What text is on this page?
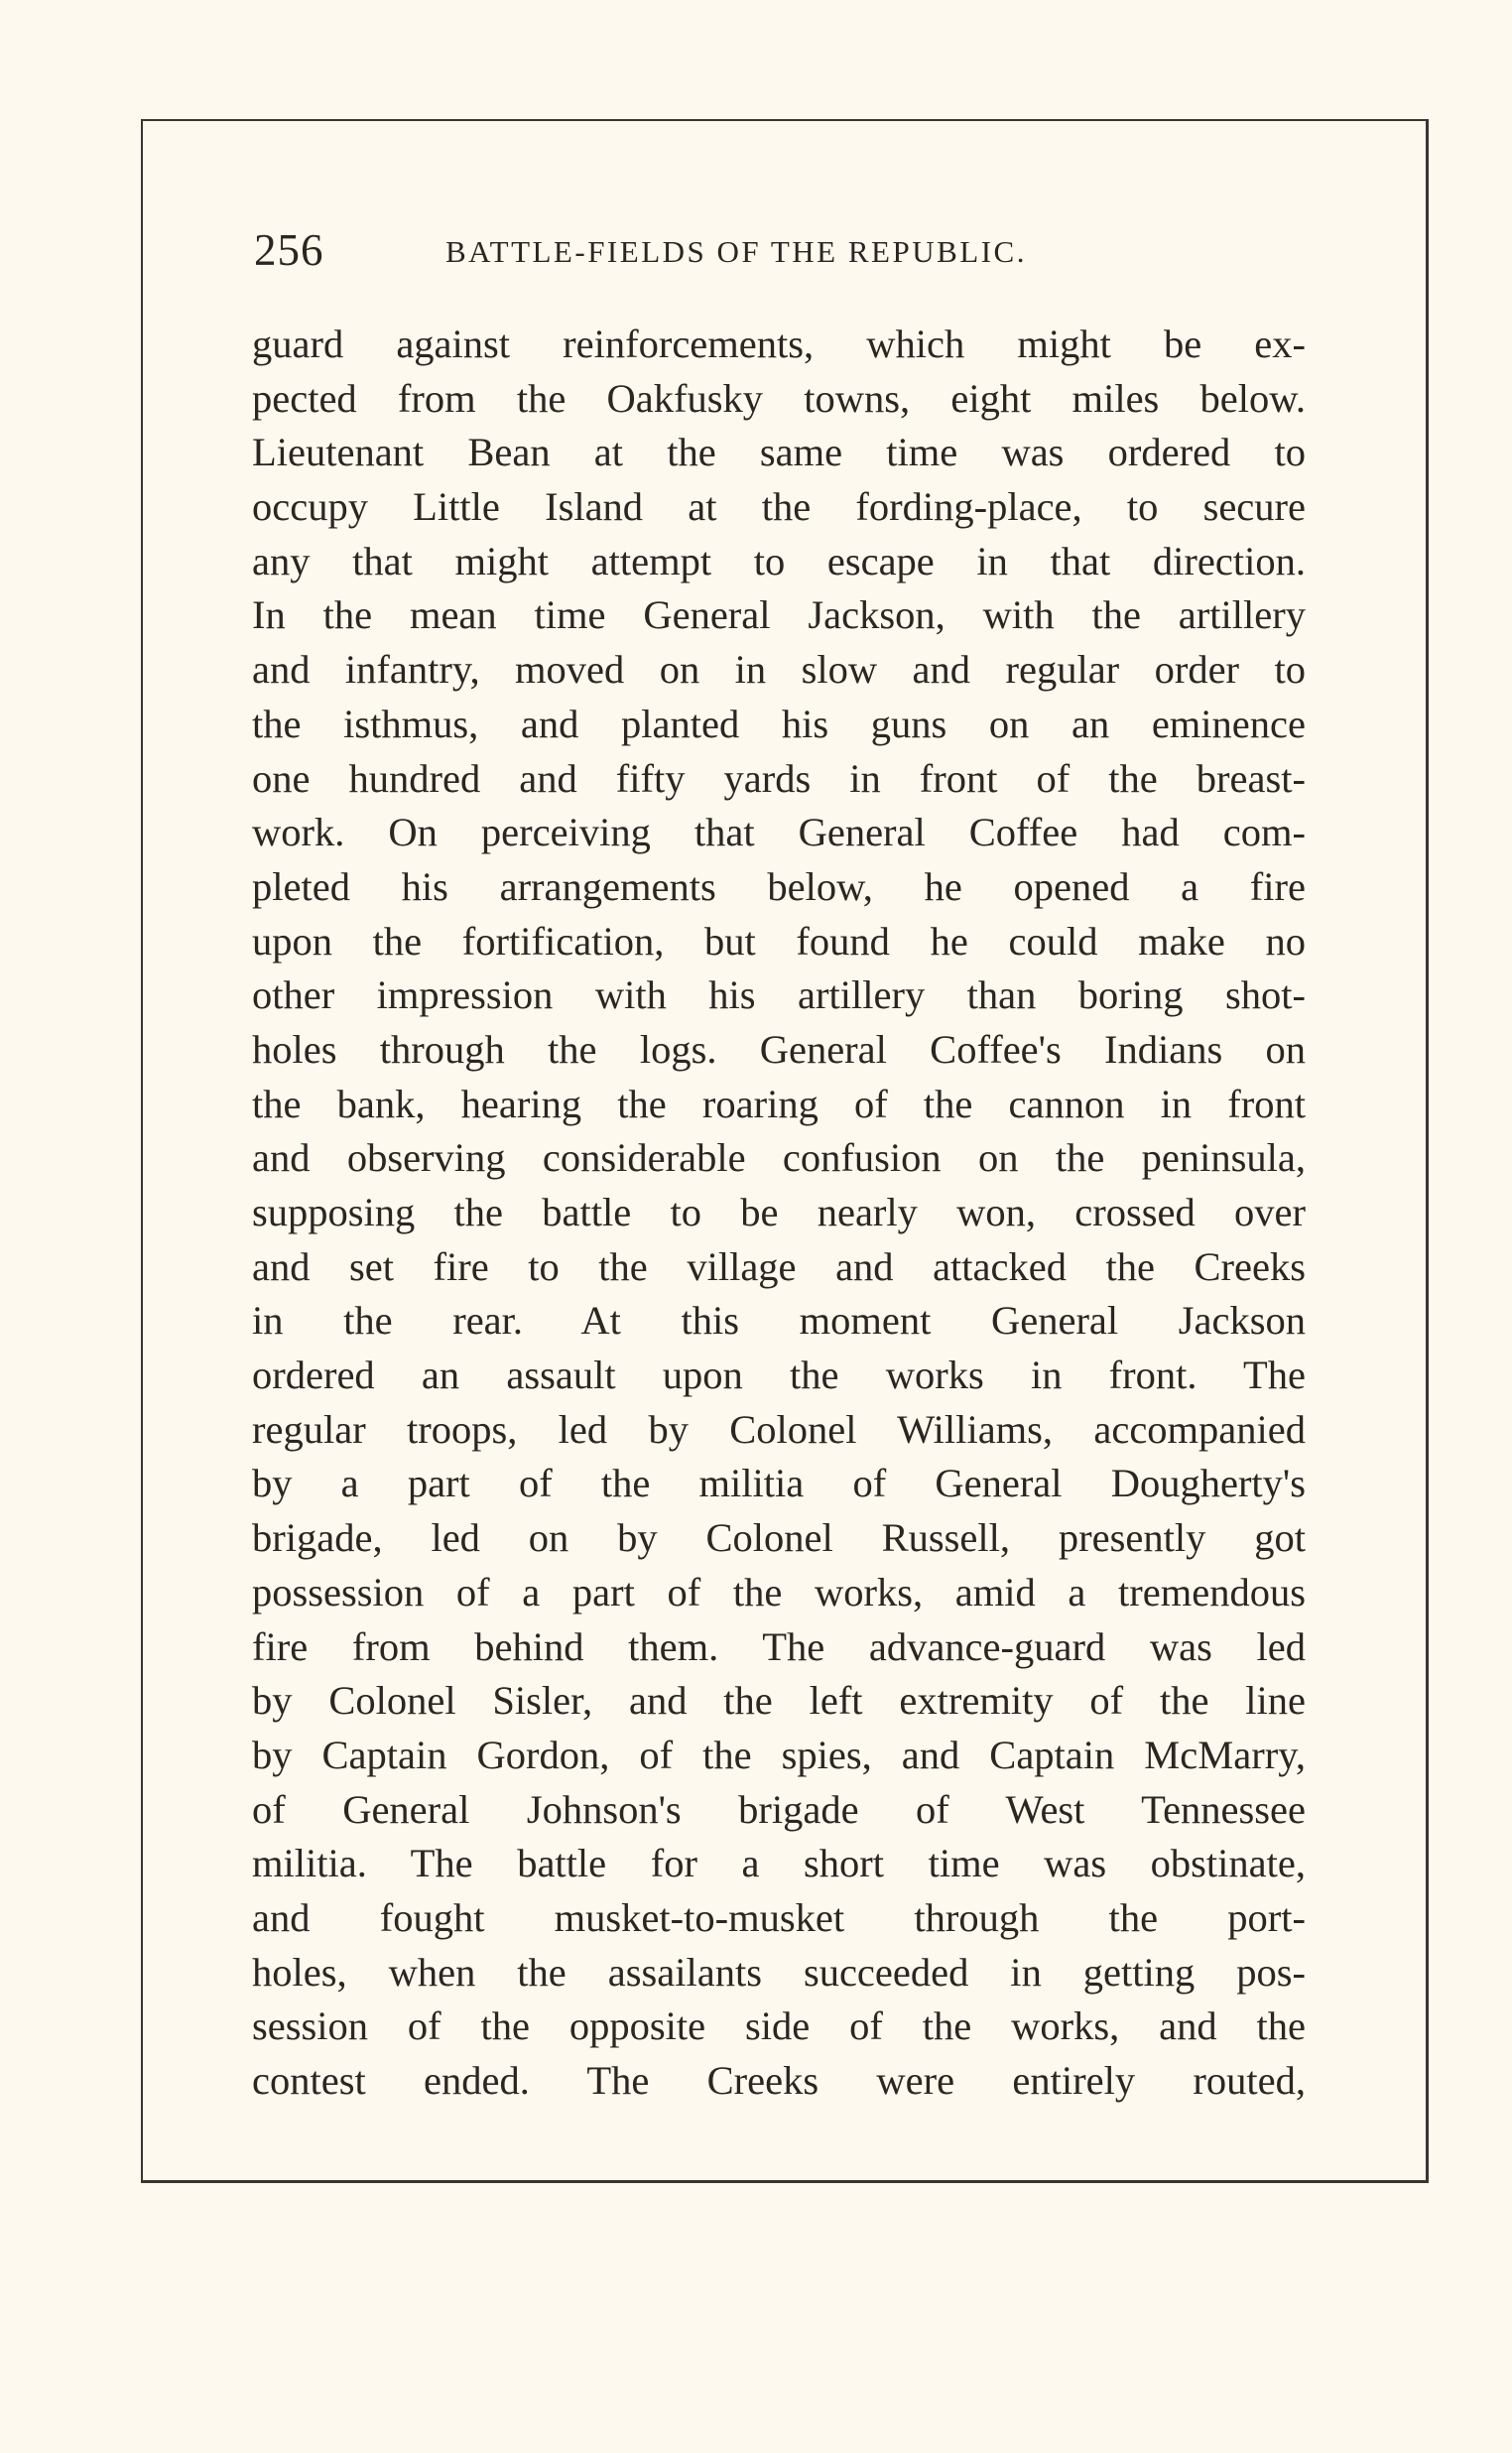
256	BATTLE-FIELDS OF THE REPUBLIC.
guard against reinforcements, which might be ex-
pected from the Oakfusky towns, eight miles below.
Lieutenant Bean at the same time was ordered to
occupy Little Island at the fording-place, to secure
any that might attempt to escape in that direction.
In the mean time General Jackson, with the artillery
and infantry, moved on in slow and regular order to
the isthmus, and planted his guns on an eminence
one hundred and fifty yards in front of the breast-
work. On perceiving that General Coffee had com-
pleted his arrangements below, he opened a fire
upon the fortification, but found he could make no
other impression with his artillery than boring shot-
holes through the logs. General Coffee's Indians on
the bank, hearing the roaring of the cannon in front
and observing considerable confusion on the peninsula,
supposing the battle to be nearly won, crossed over
and set fire to the village and attacked the Creeks
in the rear. At this moment General Jackson
ordered an assault upon the works in front. The
regular troops, led by Colonel Williams, accompanied
by a part of the militia of General Dougherty's
brigade, led on by Colonel Russell, presently got
possession of a part of the works, amid a tremendous
fire from behind them. The advance-guard was led
by Colonel Sisler, and the left extremity of the line
by Captain Gordon, of the spies, and Captain McMarry,
of General Johnson's brigade of West Tennessee
militia. The battle for a short time was obstinate,
and fought musket-to-musket through the port-
holes, when the assailants succeeded in getting pos-
session of the opposite side of the works, and the
contest ended. The Creeks were entirely routed,
